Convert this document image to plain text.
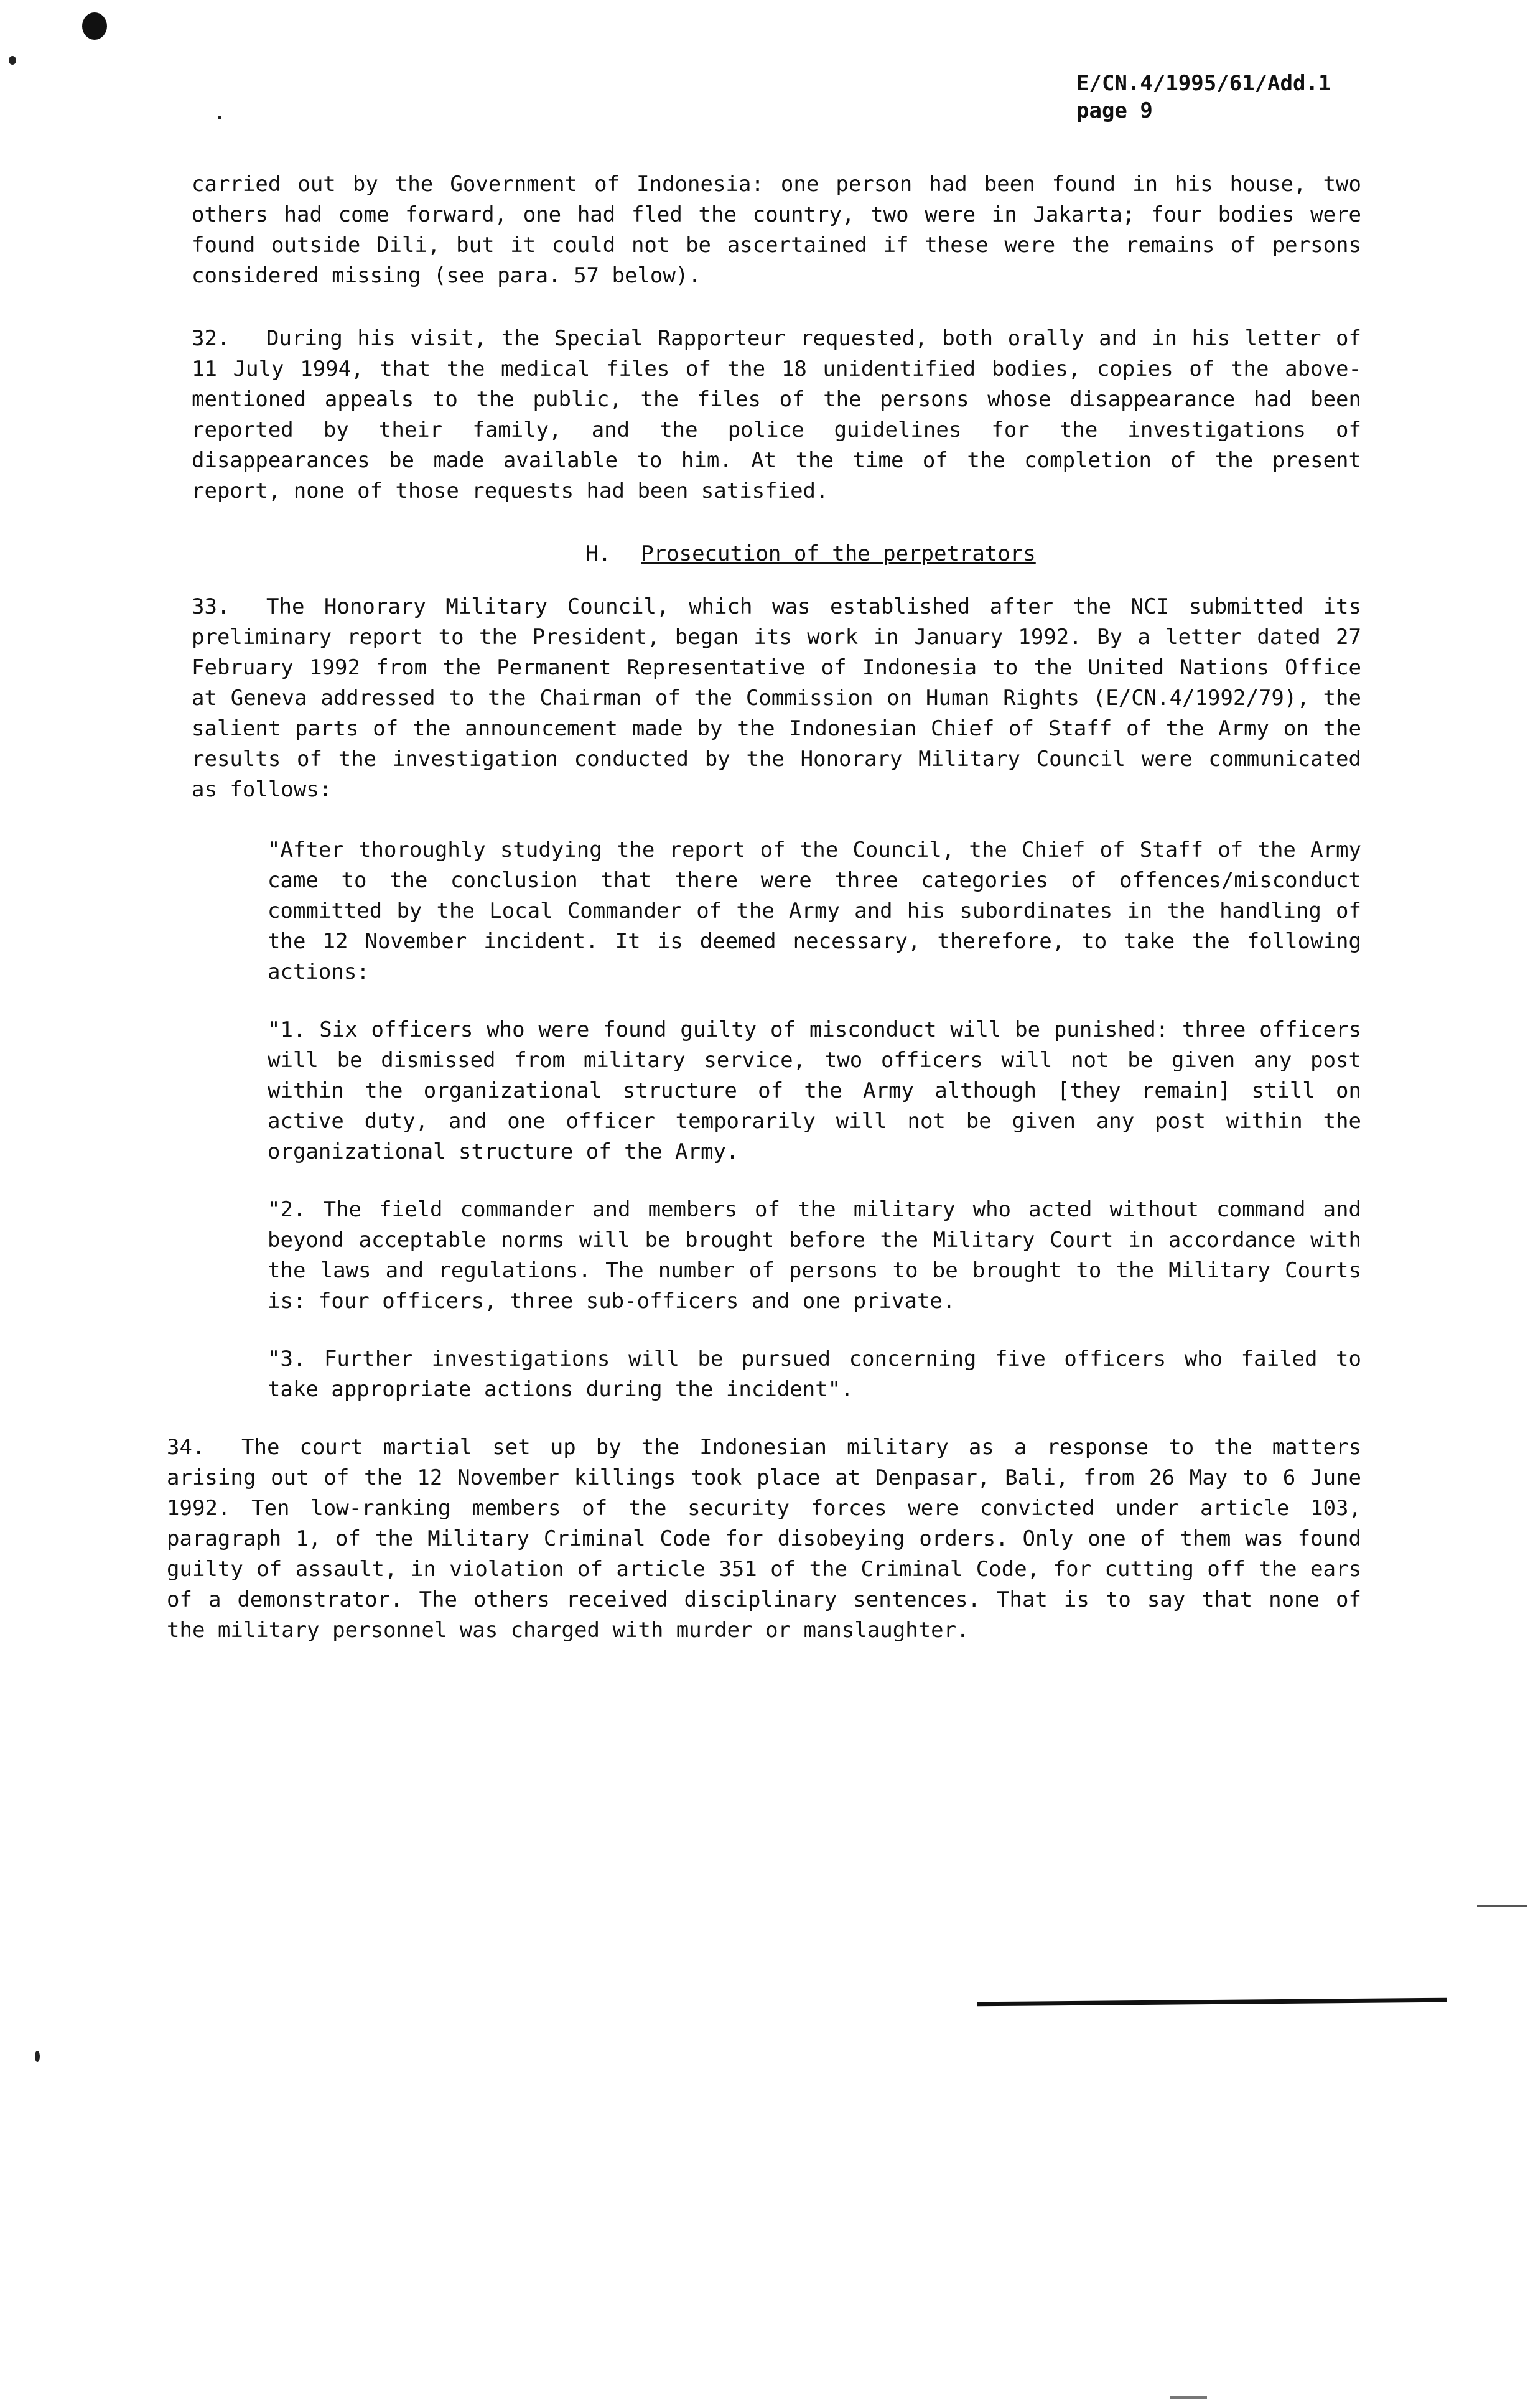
E/CN.4/1995/61/Add.1
page 9

carried out by the Government of Indonesia: one person had been found in his house, two others had come forward, one had fled the country, two were in Jakarta; four bodies were found outside Dili, but it could not be ascertained if these were the remains of persons considered missing (see para. 57 below).

32. During his visit, the Special Rapporteur requested, both orally and in his letter of 11 July 1994, that the medical files of the 18 unidentified bodies, copies of the above-mentioned appeals to the public, the files of the persons whose disappearance had been reported by their family, and the police guidelines for the investigations of disappearances be made available to him. At the time of the completion of the present report, none of those requests had been satisfied.

H. Prosecution of the perpetrators

33. The Honorary Military Council, which was established after the NCI submitted its preliminary report to the President, began its work in January 1992. By a letter dated 27 February 1992 from the Permanent Representative of Indonesia to the United Nations Office at Geneva addressed to the Chairman of the Commission on Human Rights (E/CN.4/1992/79), the salient parts of the announcement made by the Indonesian Chief of Staff of the Army on the results of the investigation conducted by the Honorary Military Council were communicated as follows:

"After thoroughly studying the report of the Council, the Chief of Staff of the Army came to the conclusion that there were three categories of offences/misconduct committed by the Local Commander of the Army and his subordinates in the handling of the 12 November incident. It is deemed necessary, therefore, to take the following actions:

"1. Six officers who were found guilty of misconduct will be punished: three officers will be dismissed from military service, two officers will not be given any post within the organizational structure of the Army although [they remain] still on active duty, and one officer temporarily will not be given any post within the organizational structure of the Army.

"2. The field commander and members of the military who acted without command and beyond acceptable norms will be brought before the Military Court in accordance with the laws and regulations. The number of persons to be brought to the Military Courts is: four officers, three sub-officers and one private.

"3. Further investigations will be pursued concerning five officers who failed to take appropriate actions during the incident".

34. The court martial set up by the Indonesian military as a response to the matters arising out of the 12 November killings took place at Denpasar, Bali, from 26 May to 6 June 1992. Ten low-ranking members of the security forces were convicted under article 103, paragraph 1, of the Military Criminal Code for disobeying orders. Only one of them was found guilty of assault, in violation of article 351 of the Criminal Code, for cutting off the ears of a demonstrator. The others received disciplinary sentences. That is to say that none of the military personnel was charged with murder or manslaughter.
